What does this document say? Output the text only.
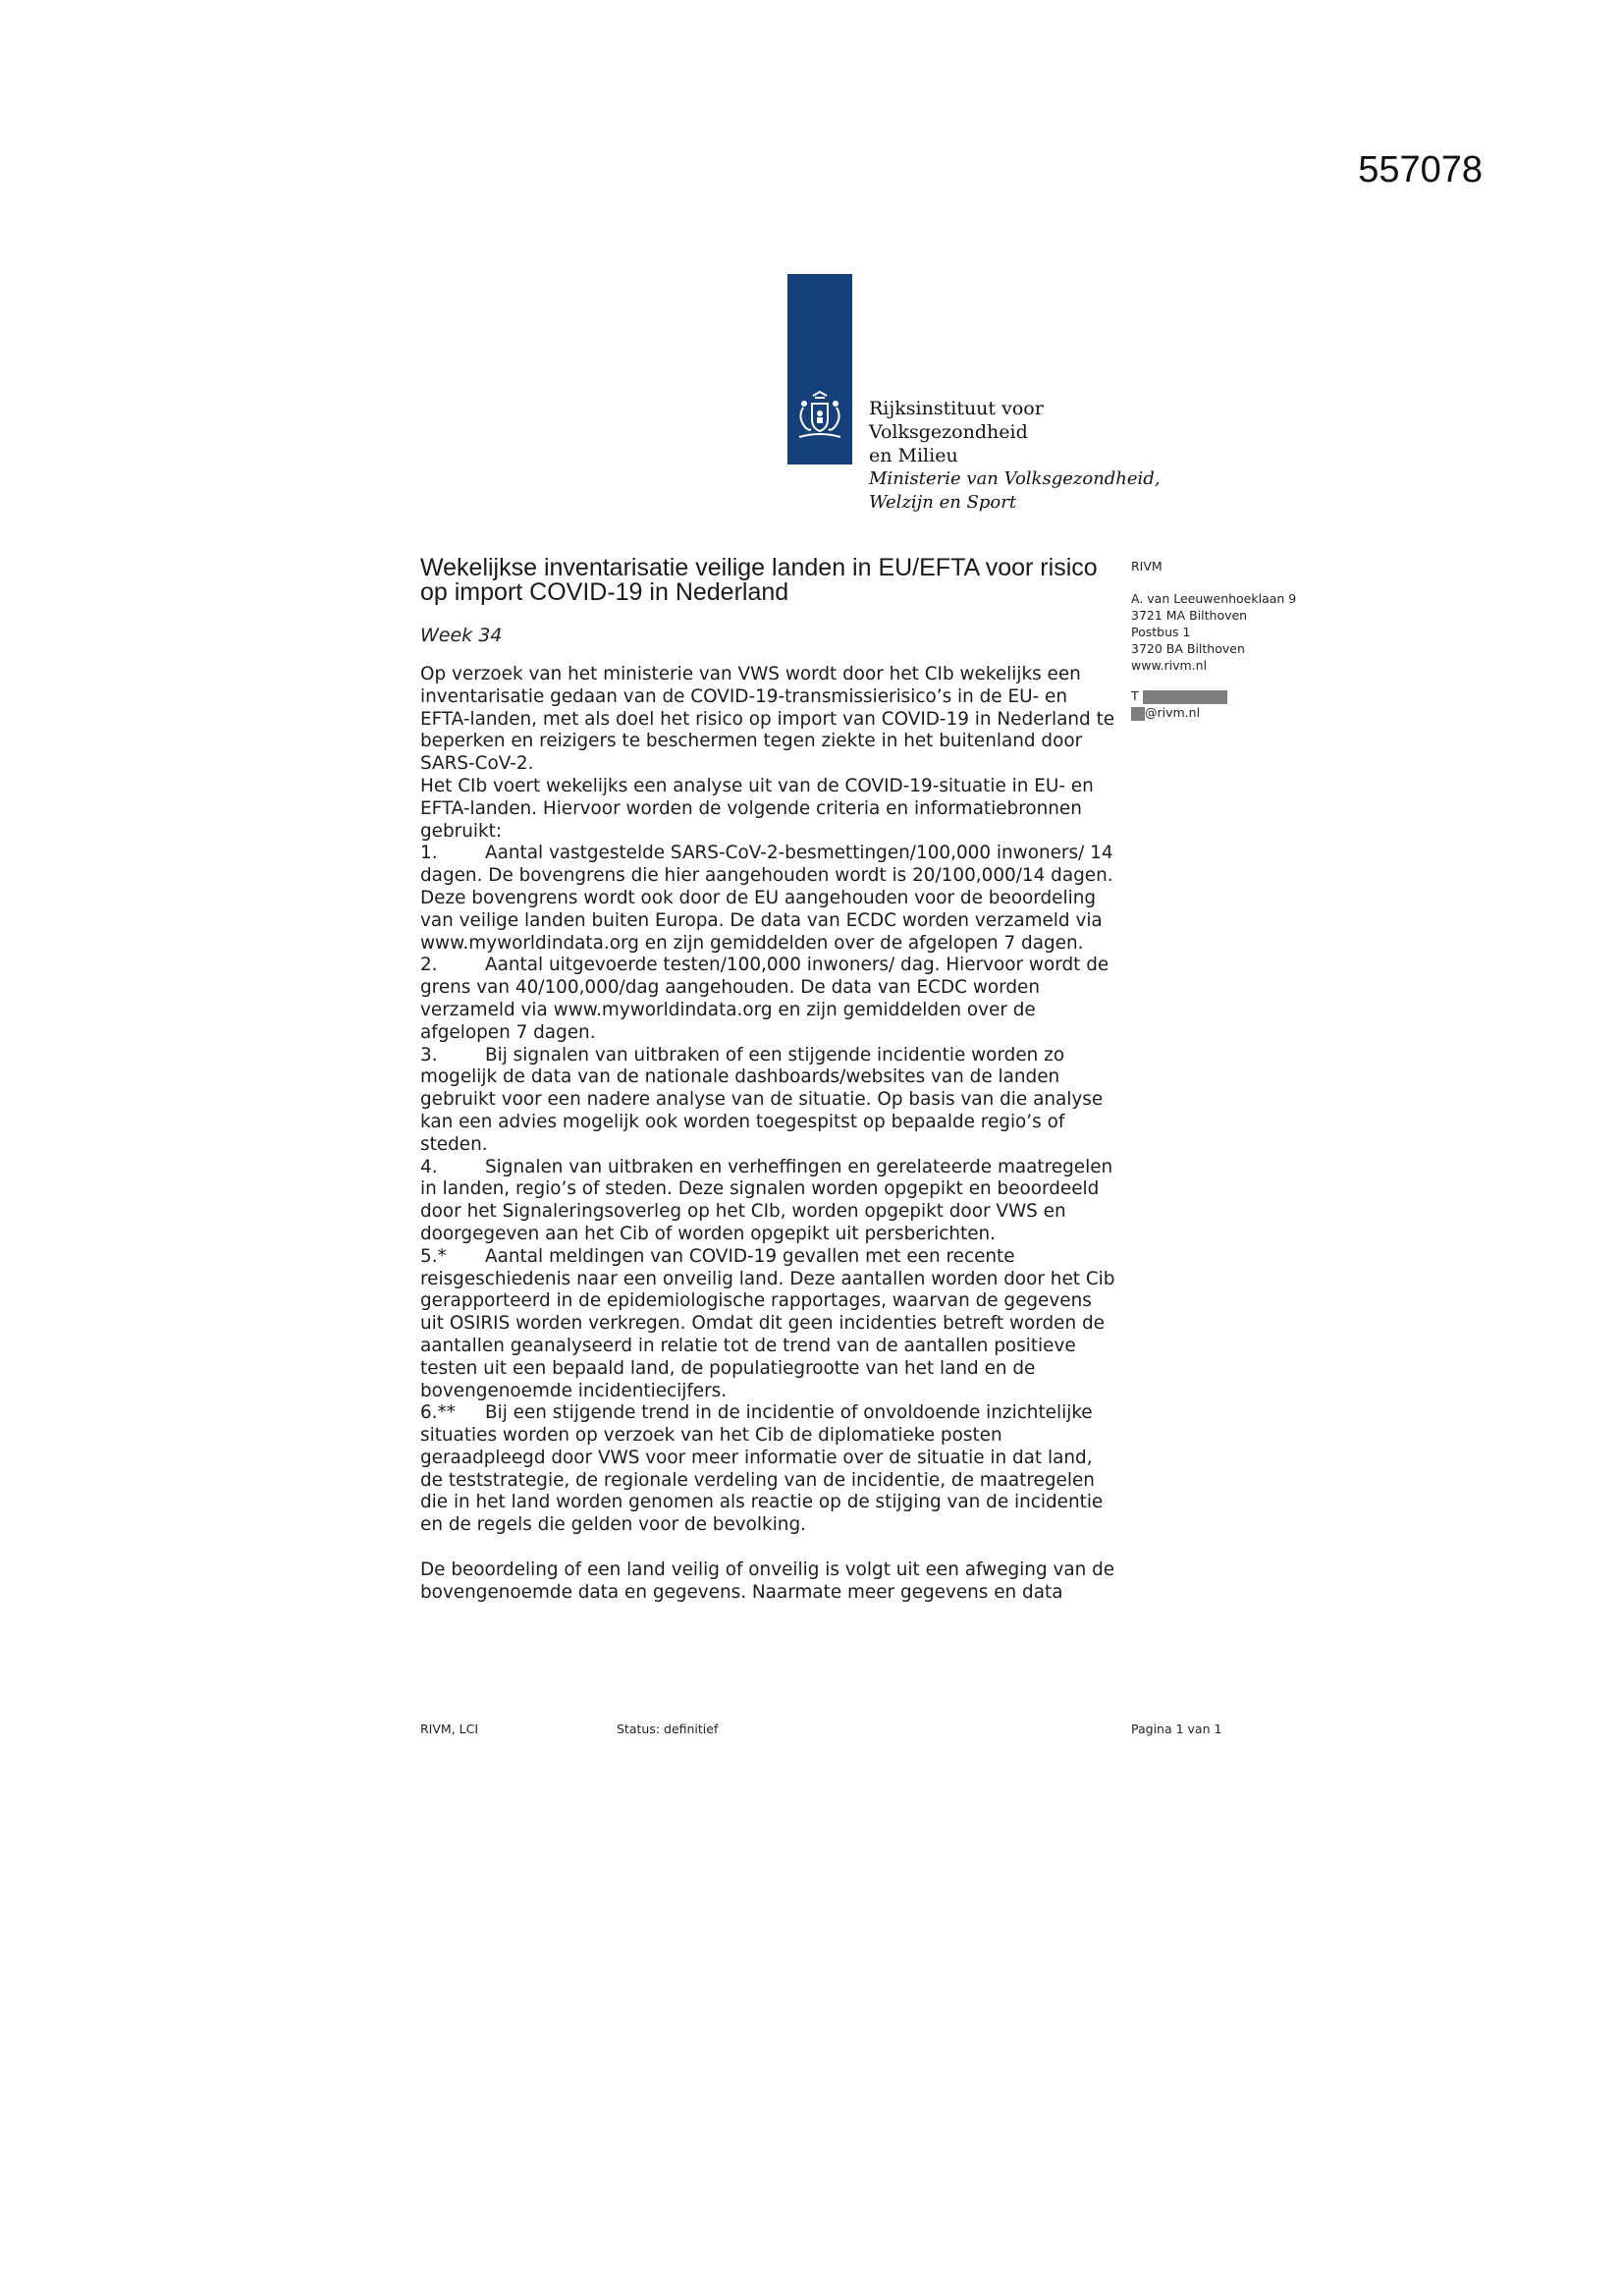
557078
Rijksinstituut voor Volksgezondheid
en Milieu
Ministerie van Volksgezondheid,
Welzijn en Sport
Wekelijkse inventarisatie veilige landen in EU/EFTA voor risico
op import COVID-19 in Nederland
Week 34

Op verzoek van het ministerie van VWS wordt door het CIb wekelijks een inventarisatie gedaan van de COVID-19-transmissierisico’s in de EU- en EFTA-landen, met als doel het risico op import van COVID-19 in Nederland te beperken en reizigers te beschermen tegen ziekte in het buitenland door SARS-CoV-2.

Het CIb voert wekelijks een analyse uit van de COVID-19-situatie in EU- en EFTA-landen. Hiervoor worden de volgende criteria en informatiebronnen gebruikt:

1.	Aantal vastgestelde SARS-CoV-2-besmettingen/100,000 inwoners/ 14 dagen. De bovengrens die hier aangehouden wordt is 20/100,000/14 dagen. Deze bovengrens wordt ook door de EU aangehouden voor de beoordeling van veilige landen buiten Europa. De data van ECDC worden verzameld via www.myworldindata.org en zijn gemiddelden over de afgelopen 7 dagen.

2.	Aantal uitgevoerde testen/100,000 inwoners/ dag. Hiervoor wordt de grens van 40/100,000/dag aangehouden. De data van ECDC worden verzameld via www.myworldindata.org en zijn gemiddelden over de afgelopen 7 dagen.

3.	Bij signalen van uitbraken of een stijgende incidentie worden zo mogelijk de data van de nationale dashboards/websites van de landen gebruikt voor een nadere analyse van de situatie. Op basis van die analyse kan een advies mogelijk ook worden toegespitst op bepaalde regio’s of steden.

4.	Signalen van uitbraken en verheffingen en gerelateerde maatregelen in landen, regio’s of steden. Deze signalen worden opgepikt en beoordeeld door het Signaleringsoverleg op het CIb, worden opgepikt door VWS en doorgegeven aan het Cib of worden opgepikt uit persberichten.

5.* Aantal meldingen van COVID-19 gevallen met een recente reisgeschiedenis naar een onveilig land. Deze aantallen worden door het Cib gerapporteerd in de epidemiologische rapportages, waarvan de gegevens uit OSIRIS worden verkregen. Omdat dit geen incidenties betreft worden de aantallen geanalyseerd in relatie tot de trend van de aantallen positieve testen uit een bepaald land, de populatiegrootte van het land en de bovengenoemde incidentiecijfers.

6.** Bij een stijgende trend in de incidentie of onvoldoende inzichtelijke situaties worden op verzoek van het Cib de diplomatieke posten geraadpleegd door VWS voor meer informatie over de situatie in dat land, de teststrategie, de regionale verdeling van de incidentie, de maatregelen die in het land worden genomen als reactie op de stijging van de incidentie en de regels die gelden voor de bevolking.

De beoordeling of een land veilig of onveilig is volgt uit een afweging van de bovengenoemde data en gegevens. Naarmate meer gegevens en data

RIVM
A. van Leeuwenhoeklaan 9
3721 MA Bilthoven
Postbus 1
3720 BA Bilthoven
www.rivm.nl
T
@rivm.nl
RIVM, LCI	Status: definitief	Pagina 1 van 1
